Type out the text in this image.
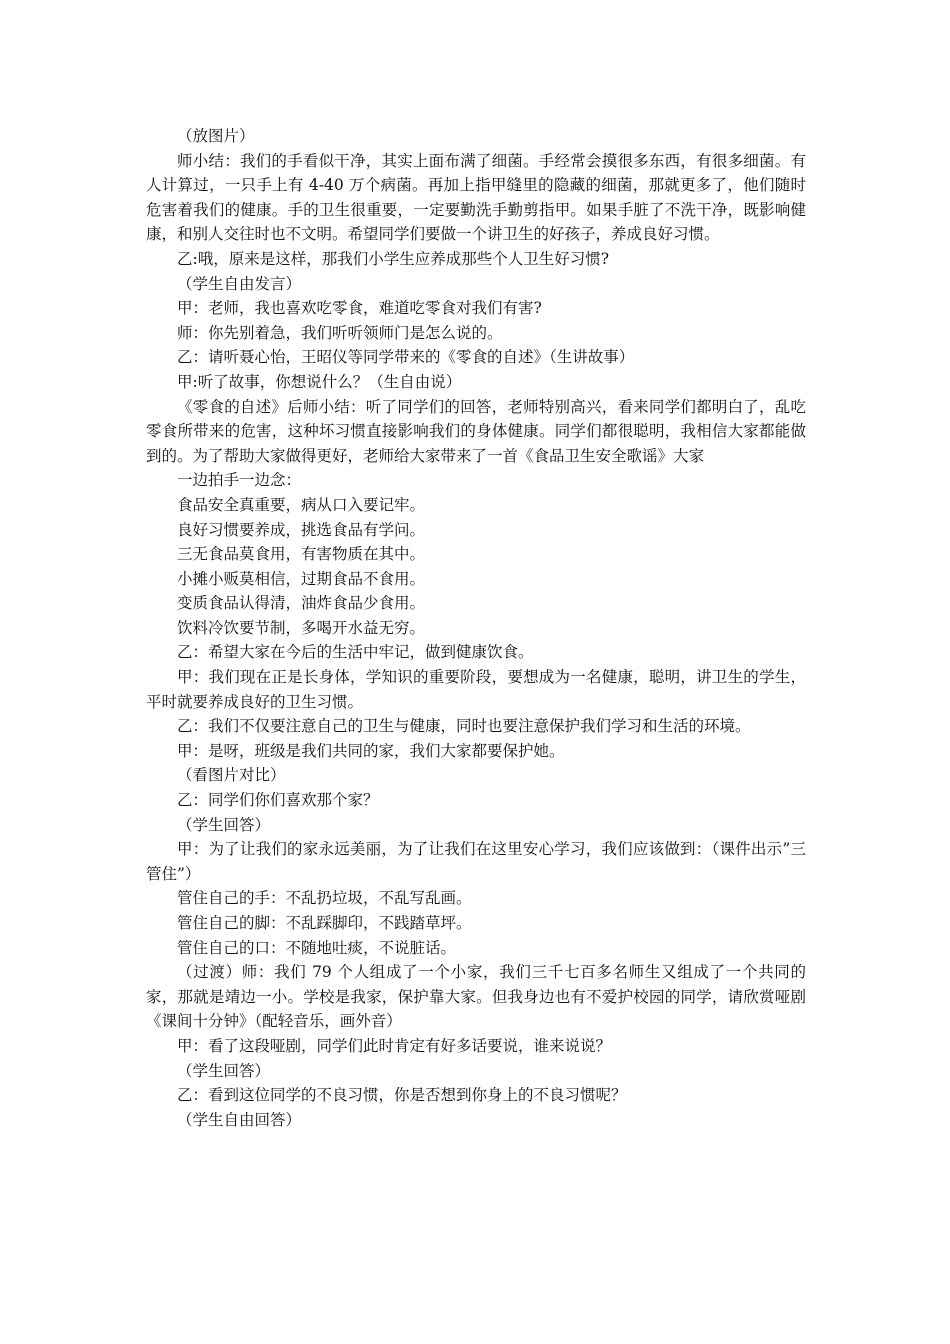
（放图片）

师小结：我们的手看似干净，其实上面布满了细菌。手经常会摸很多东西，有很多细菌。有人计算过，一只手上有 4-40 万个病菌。再加上指甲缝里的隐藏的细菌，那就更多了，他们随时危害着我们的健康。手的卫生很重要，一定要勤洗手勤剪指甲。如果手脏了不洗干净，既影响健康，和别人交往时也不文明。希望同学们要做一个讲卫生的好孩子，养成良好习惯。

乙:哦，原来是这样，那我们小学生应养成那些个人卫生好习惯?

（学生自由发言）

甲：老师，我也喜欢吃零食，难道吃零食对我们有害?

师：你先别着急，我们听听领师门是怎么说的。

乙：请听聂心怡，王昭仪等同学带来的《零食的自述》（生讲故事）

甲:听了故事，你想说什么？（生自由说）

《零食的自述》后师小结：听了同学们的回答，老师特别高兴，看来同学们都明白了，乱吃零食所带来的危害，这种坏习惯直接影响我们的身体健康。同学们都很聪明，我相信大家都能做到的。为了帮助大家做得更好，老师给大家带来了一首《食品卫生安全歌谣》大家

一边拍手一边念：

食品安全真重要，病从口入要记牢。

良好习惯要养成，挑选食品有学问。

三无食品莫食用，有害物质在其中。

小摊小贩莫相信，过期食品不食用。

变质食品认得清，油炸食品少食用。

饮料冷饮要节制，多喝开水益无穷。

乙：希望大家在今后的生活中牢记，做到健康饮食。

甲：我们现在正是长身体，学知识的重要阶段，要想成为一名健康，聪明，讲卫生的学生，平时就要养成良好的卫生习惯。

乙：我们不仅要注意自己的卫生与健康，同时也要注意保护我们学习和生活的环境。

甲：是呀，班级是我们共同的家，我们大家都要保护她。

（看图片对比）

乙：同学们你们喜欢那个家？

（学生回答）

甲：为了让我们的家永远美丽，为了让我们在这里安心学习，我们应该做到：（课件出示”三管住”）

管住自己的手：不乱扔垃圾，不乱写乱画。

管住自己的脚：不乱踩脚印，不践踏草坪。

管住自己的口：不随地吐痰，不说脏话。

（过渡）师：我们 79 个人组成了一个小家，我们三千七百多名师生又组成了一个共同的家，那就是靖边一小。学校是我家，保护靠大家。但我身边也有不爱护校园的同学，请欣赏哑剧《课间十分钟》（配轻音乐，画外音）

甲：看了这段哑剧，同学们此时肯定有好多话要说，谁来说说？

（学生回答）

乙：看到这位同学的不良习惯，你是否想到你身上的不良习惯呢？

（学生自由回答）
